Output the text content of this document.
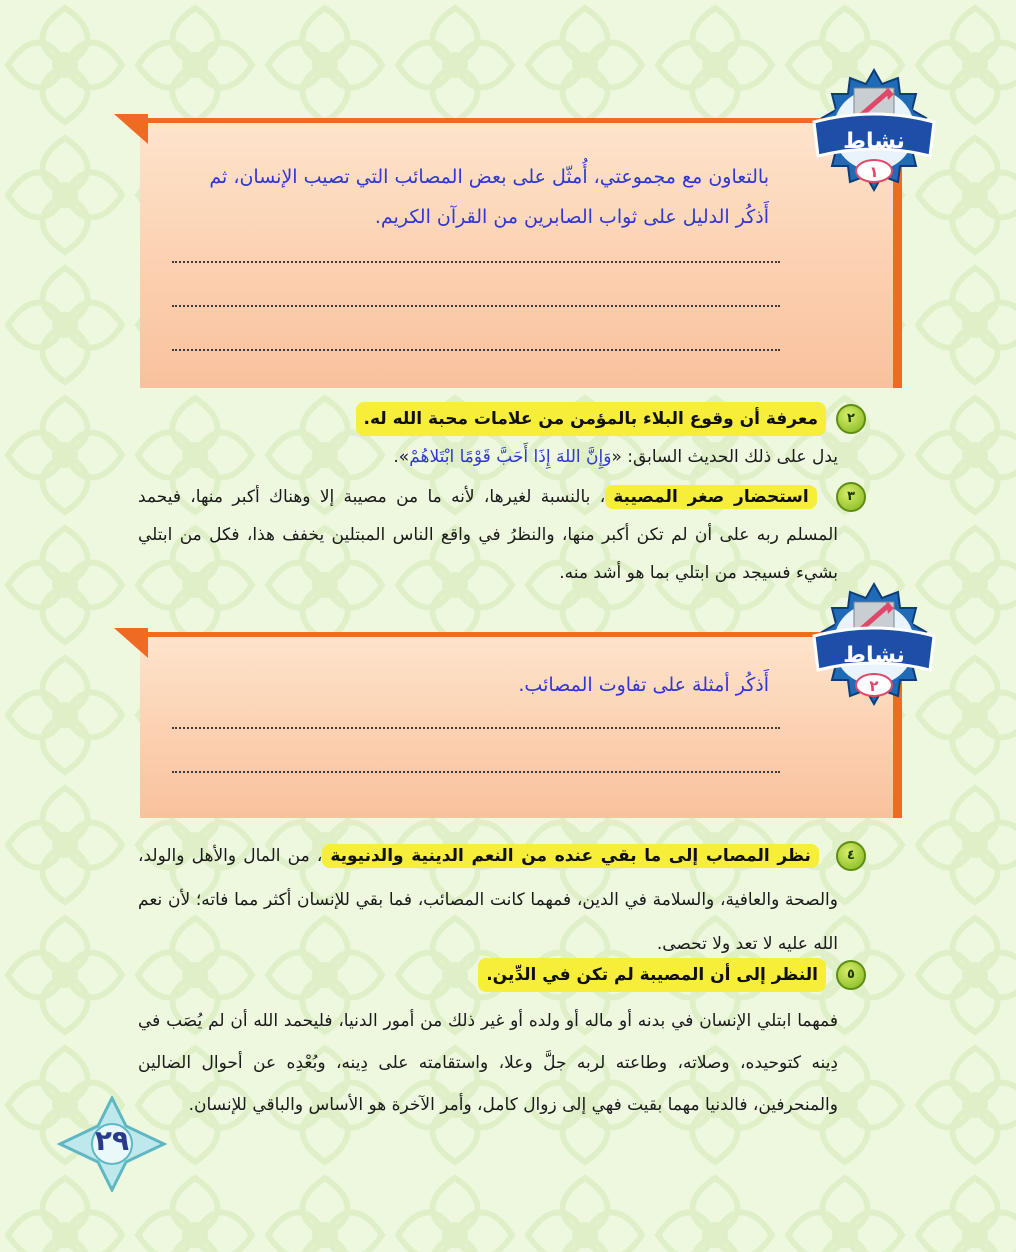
بالتعاون مع مجموعتي، أُمثّل على بعض المصائب التي تصيب الإنسان، ثم أَذكُر الدليل على ثواب الصابرين من القرآن الكريم.
نشاط
١
٢
معرفة أن وقوع البلاء بالمؤمن من علامات محبة الله له.
يدل على ذلك الحديث السابق: «وَإِنَّ اللهَ إِذَا أَحَبَّ قَوْمًا ابْتَلاهُمْ».
٣ استحضار صغر المصيبة، بالنسبة لغيرها، لأنه ما من مصيبة إلا وهناك أكبر منها، فيحمد المسلم ربه على أن لم تكن أكبر منها، والنظرُ في واقع الناس المبتلين يخفف هذا، فكل من ابتلي بشيء فسيجد من ابتلي بما هو أشد منه.
أَذكُر أمثلة على تفاوت المصائب.
نشاط
٢
٤ نظر المصاب إلى ما بقي عنده من النعم الدينية والدنيوية، من المال والأهل والولد، والصحة والعافية، والسلامة في الدين، فمهما كانت المصائب، فما بقي للإنسان أكثر مما فاته؛ لأن نعم الله عليه لا تعد ولا تحصى.
٥
النظر إلى أن المصيبة لم تكن في الدِّين.
فمهما ابتلي الإنسان في بدنه أو ماله أو ولده أو غير ذلك من أمور الدنيا، فليحمد الله أن لم يُصَب في دِينه كتوحيده، وصلاته، وطاعته لربه جلَّ وعلا، واستقامته على دِينه، وبُعْدِه عن أحوال الضالين والمنحرفين، فالدنيا مهما بقيت فهي إلى زوال كامل، وأمر الآخرة هو الأساس والباقي للإنسان.
٢٩
